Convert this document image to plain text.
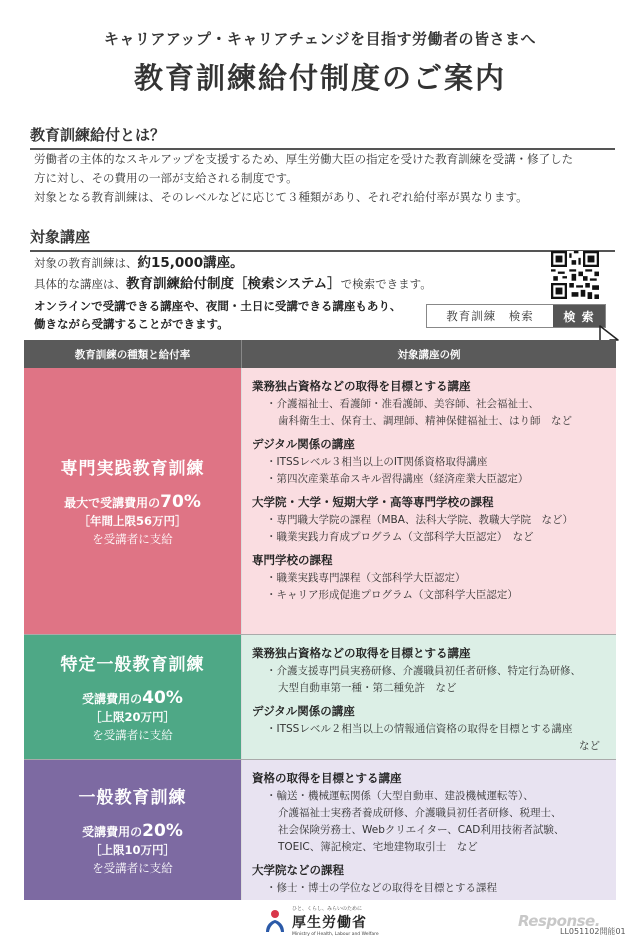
キャリアアップ・キャリアチェンジを目指す労働者の皆さまへ
教育訓練給付制度のご案内
教育訓練給付とは？
労働者の主体的なスキルアップを支援するため、厚生労働大臣の指定を受けた教育訓練を受講・修了した
方に対し、その費用の一部が支給される制度です。
対象となる教育訓練は、そのレベルなどに応じて３種類があり、それぞれ給付率が異なります。
対象講座
対象の教育訓練は、約15,000講座。
具体的な講座は、教育訓練給付制度［検索システム］で検索できます。
オンラインで受講できる講座や、夜間・土日に受講できる講座もあり、
働きながら受講することができます。
教育訓練　検索	検 索
教育訓練の種類と給付率	対象講座の例
専門実践教育訓練
最大で受講費用の70%
［年間上限56万円］
を受講者に支給
業務独占資格などの取得を目標とする講座
・介護福祉士、看護師・准看護師、美容師、社会福祉士、
歯科衛生士、保育士、調理師、精神保健福祉士、はり師　など
デジタル関係の講座
・ITSSレベル３相当以上のIT関係資格取得講座
・第四次産業革命スキル習得講座（経済産業大臣認定）
大学院・大学・短期大学・高等専門学校の課程
・専門職大学院の課程（MBA、法科大学院、教職大学院　など）
・職業実践力育成プログラム（文部科学大臣認定）　など
専門学校の課程
・職業実践専門課程（文部科学大臣認定）
・キャリア形成促進プログラム（文部科学大臣認定）
特定一般教育訓練
受講費用の40%
［上限20万円］
を受講者に支給
業務独占資格などの取得を目標とする講座
・介護支援専門員実務研修、介護職員初任者研修、特定行為研修、
大型自動車第一種・第二種免許　など
デジタル関係の講座
・ITSSレベル２相当以上の情報通信資格の取得を目標とする講座
など
一般教育訓練
受講費用の20%
［上限10万円］
を受講者に支給
資格の取得を目標とする講座
・輸送・機械運転関係（大型自動車、建設機械運転等）、
介護福祉士実務者養成研修、介護職員初任者研修、税理士、
社会保険労務士、Webクリエイター、CAD利用技術者試験、
TOEIC、簿記検定、宅地建物取引士　など
大学院などの課程
・修士・博士の学位などの取得を目標とする課程
ひと、くらし、みらいのために
厚生労働省
Ministry of Health, Labour and Welfare
Response.
LL051102開能01
